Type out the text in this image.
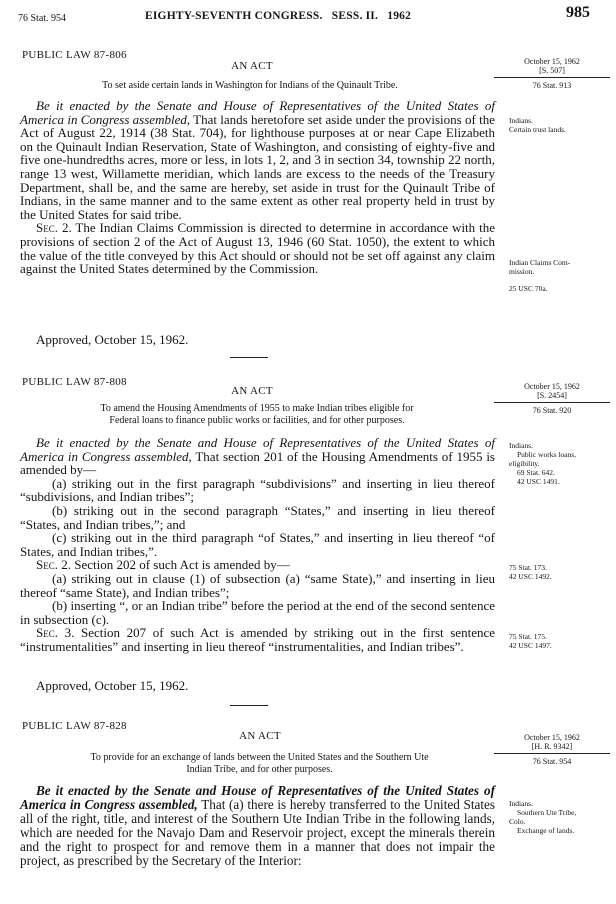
76 Stat. 954	EIGHTY-SEVENTH CONGRESS.   SESS. II.   1962	985
PUBLIC LAW 87-806
AN ACT
To set aside certain lands in Washington for Indians of the Quinault Tribe.
October 15, 1962
[S. 507]
76 Stat. 913
Indians.
Certain trust lands.
Indian Claims Com-
mission.
25 USC 70a.

Be it enacted by the Senate and House of Representatives of the United States of America in Congress assembled, That lands heretofore set aside under the provisions of the Act of August 22, 1914 (38 Stat. 704), for lighthouse purposes at or near Cape Elizabeth on the Quinault Indian Reservation, State of Washington, and consisting of eighty-five and five one-hundredths acres, more or less, in lots 1, 2, and 3 in section 34, township 22 north, range 13 west, Willamette meridian, which lands are excess to the needs of the Treasury Department, shall be, and the same are hereby, set aside in trust for the Quinault Tribe of Indians, in the same manner and to the same extent as other real property held in trust by the United States for said tribe.

Sec. 2. The Indian Claims Commission is directed to determine in accordance with the provisions of section 2 of the Act of August 13, 1946 (60 Stat. 1050), the extent to which the value of the title conveyed by this Act should or should not be set off against any claim against the United States determined by the Commission.

Approved, October 15, 1962.

PUBLIC LAW 87-808
AN ACT
To amend the Housing Amendments of 1955 to make Indian tribes eligible for
Federal loans to finance public works or facilities, and for other purposes.
October 15, 1962
[S. 2454]
76 Stat. 920
Indians.
Public works loans,
eligibility.
69 Stat. 642.
42 USC 1491.
75 Stat. 173.
42 USC 1492.
75 Stat. 175.
42 USC 1497.

Be it enacted by the Senate and House of Representatives of the United States of America in Congress assembled, That section 201 of the Housing Amendments of 1955 is amended by—

(a) striking out in the first paragraph “subdivisions” and inserting in lieu thereof “subdivisions, and Indian tribes”;

(b) striking out in the second paragraph “States,” and inserting in lieu thereof “States, and Indian tribes,”; and

(c) striking out in the third paragraph “of States,” and inserting in lieu thereof “of States, and Indian tribes,”.

Sec. 2. Section 202 of such Act is amended by—

(a) striking out in clause (1) of subsection (a) “same State),” and inserting in lieu thereof “same State), and Indian tribes”;

(b) inserting “, or an Indian tribe” before the period at the end of the second sentence in subsection (c).

Sec. 3. Section 207 of such Act is amended by striking out in the first sentence “instrumentalities” and inserting in lieu thereof “instrumentalities, and Indian tribes”.

Approved, October 15, 1962.

PUBLIC LAW 87-828
AN ACT
To provide for an exchange of lands between the United States and the Southern Ute
Indian Tribe, and for other purposes.
October 15, 1962
[H. R. 9342]
76 Stat. 954
Indians.
Southern Ute Tribe,
Colo.
Exchange of lands.

Be it enacted by the Senate and House of Representatives of the United States of America in Congress assembled, That (a) there is hereby transferred to the United States all of the right, title, and interest of the Southern Ute Indian Tribe in the following lands, which are needed for the Navajo Dam and Reservoir project, except the minerals therein and the right to prospect for and remove them in a manner that does not impair the project, as prescribed by the Secretary of the Interior:
